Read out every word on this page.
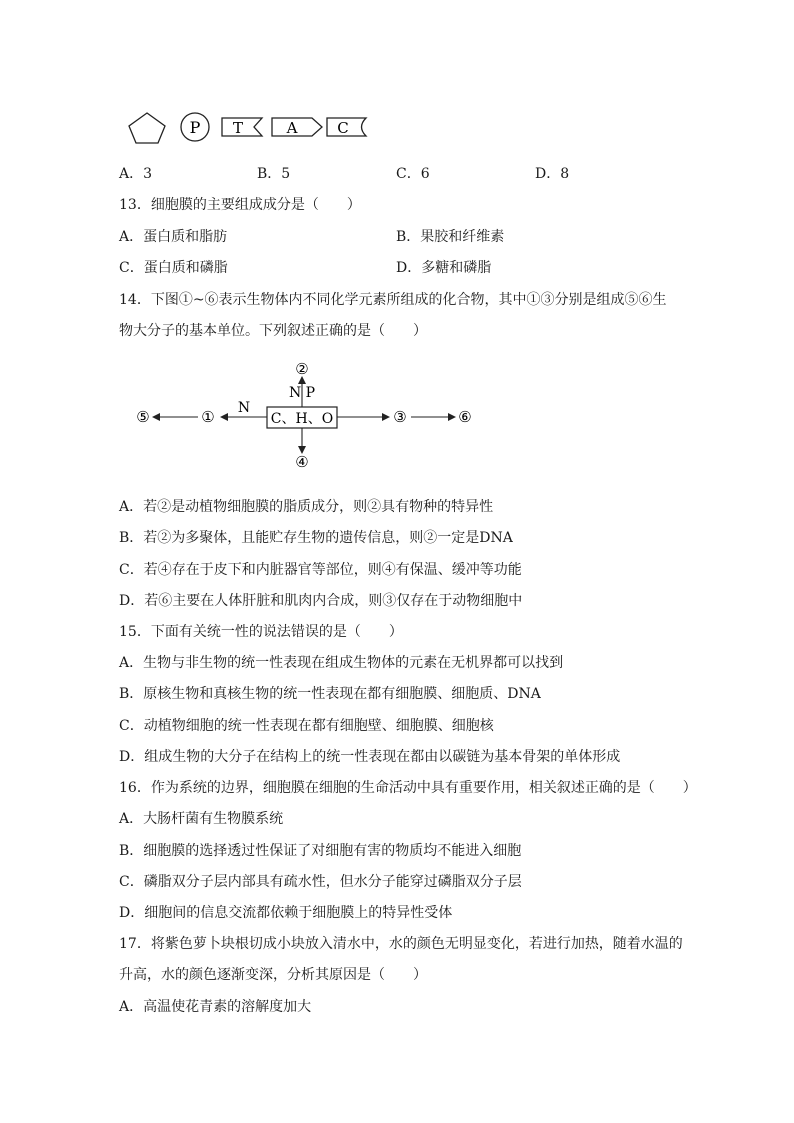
P T	A	C
A．3	B．5	C．6	D．8
13．细胞膜的主要组成成分是（　　）
A．蛋白质和脂肪	B．果胶和纤维素
C．蛋白质和磷脂	D．多糖和磷脂
14．下图①~⑥表示生物体内不同化学元素所组成的化合物，其中①③分别是组成⑤⑥生
物大分子的基本单位。下列叙述正确的是（　　）
C、H、O
②
N P
④
N
①
⑤	③	⑥
A．若②是动植物细胞膜的脂质成分，则②具有物种的特异性
B．若②为多聚体，且能贮存生物的遗传信息，则②一定是DNA
C．若④存在于皮下和内脏器官等部位，则④有保温、缓冲等功能
D．若⑥主要在人体肝脏和肌肉内合成，则③仅存在于动物细胞中
15．下面有关统一性的说法错误的是（　　）
A．生物与非生物的统一性表现在组成生物体的元素在无机界都可以找到
B．原核生物和真核生物的统一性表现在都有细胞膜、细胞质、DNA
C．动植物细胞的统一性表现在都有细胞壁、细胞膜、细胞核
D．组成生物的大分子在结构上的统一性表现在都由以碳链为基本骨架的单体形成
16．作为系统的边界，细胞膜在细胞的生命活动中具有重要作用，相关叙述正确的是（　　）
A．大肠杆菌有生物膜系统
B．细胞膜的选择透过性保证了对细胞有害的物质均不能进入细胞
C．磷脂双分子层内部具有疏水性，但水分子能穿过磷脂双分子层
D．细胞间的信息交流都依赖于细胞膜上的特异性受体
17．将紫色萝卜块根切成小块放入清水中，水的颜色无明显变化，若进行加热，随着水温的
升高，水的颜色逐渐变深，分析其原因是（　　）
A．高温使花青素的溶解度加大
